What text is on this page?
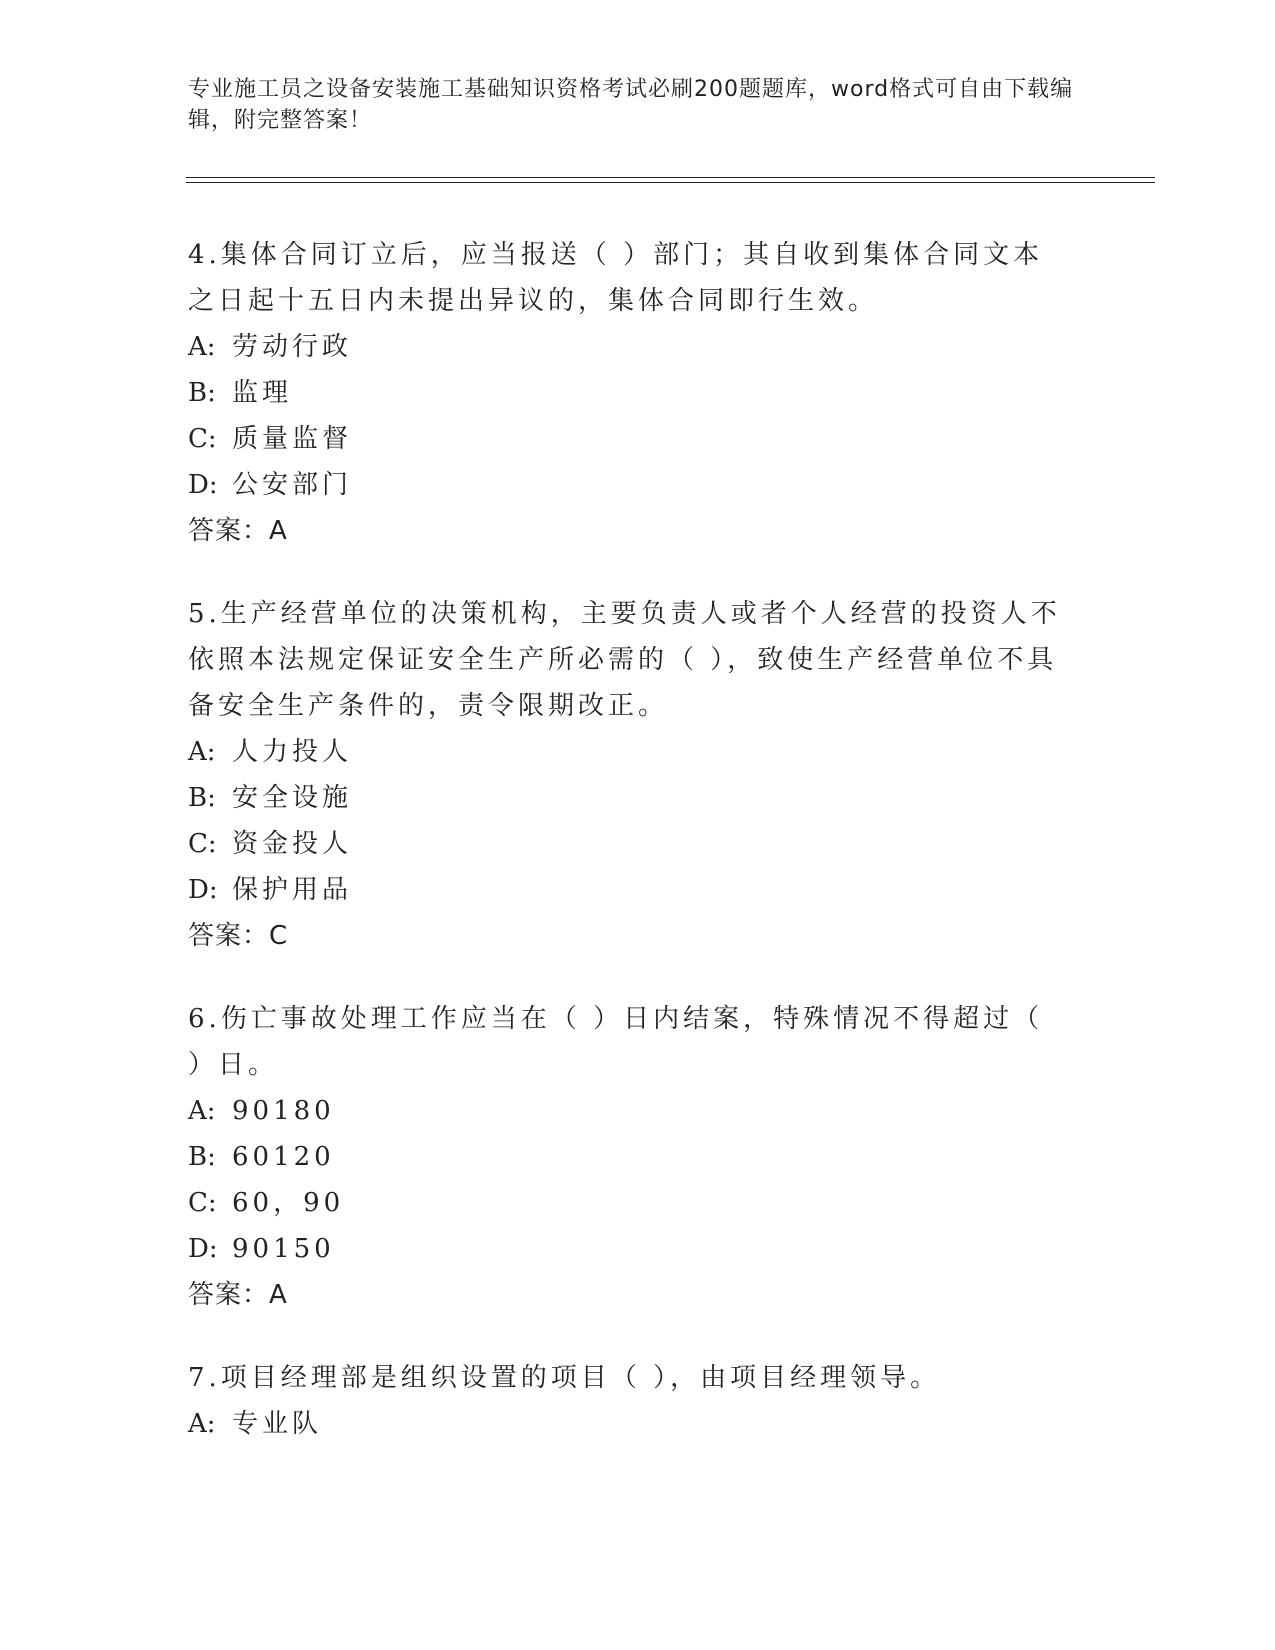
专业施工员之设备安装施工基础知识资格考试必刷200题题库，word格式可自由下载编辑，附完整答案！
4.集体合同订立后，应当报送（ ）部门；其自收到集体合同文本之日起十五日内未提出异议的，集体合同即行生效。
A: 劳动行政
B: 监理
C: 质量监督
D: 公安部门
答案：A
5.生产经营单位的决策机构，主要负责人或者个人经营的投资人不依照本法规定保证安全生产所必需的（ ），致使生产经营单位不具备安全生产条件的，责令限期改正。
A: 人力投人
B: 安全设施
C: 资金投人
D: 保护用品
答案：C
6.伤亡事故处理工作应当在（ ）日内结案，特殊情况不得超过（ ）日。
A: 90180
B: 60120
C: 60，90
D: 90150
答案：A
7.项目经理部是组织设置的项目（ ），由项目经理领导。
A: 专业队
